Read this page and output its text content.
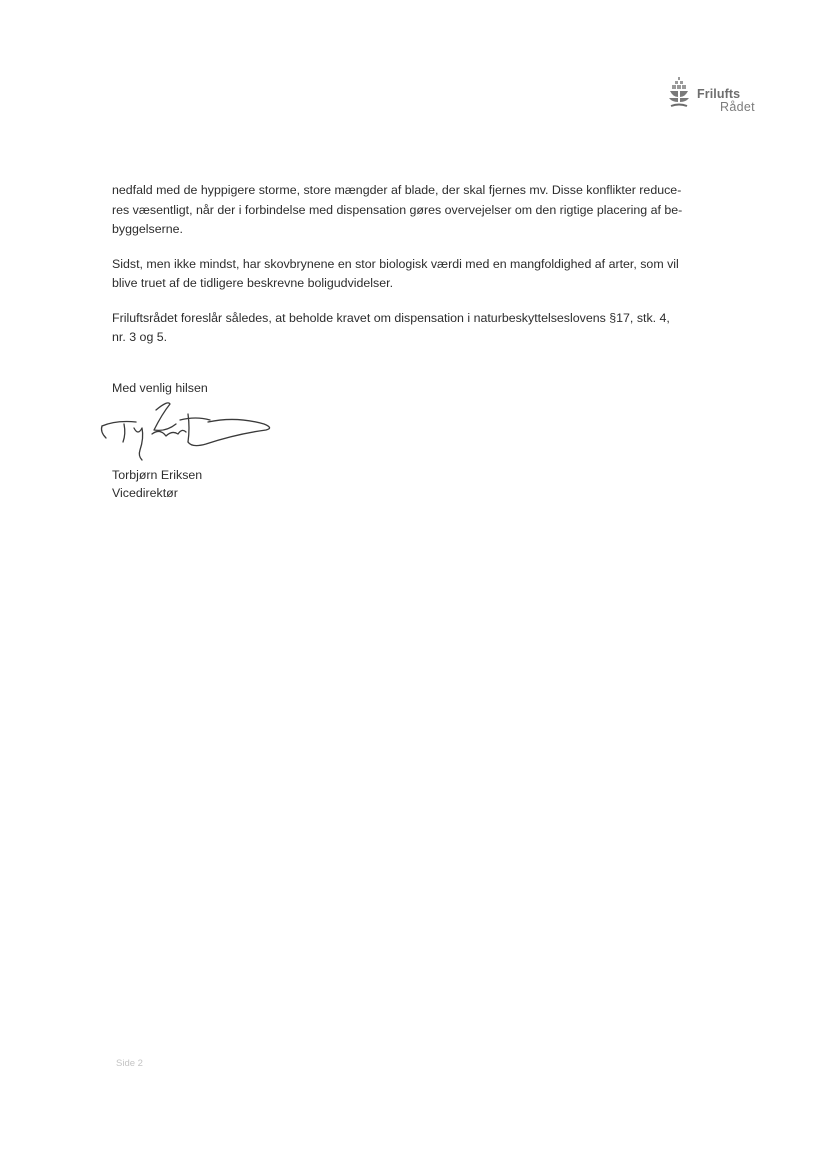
Frilufts
Rådet

nedfald med de hyppigere storme, store mængder af blade, der skal fjernes mv. Disse konflikter reduce-
res væsentligt, når der i forbindelse med dispensation gøres overvejelser om den rigtige placering af be-
byggelserne.

Sidst, men ikke mindst, har skovbrynene en stor biologisk værdi med en mangfoldighed af arter, som vil
blive truet af de tidligere beskrevne boligudvidelser.

Friluftsrådet foreslår således, at beholde kravet om dispensation i naturbeskyttelseslovens §17, stk. 4,
nr. 3 og 5.

Med venlig hilsen
Torbjørn Eriksen
Vicedirektør
Side 2
